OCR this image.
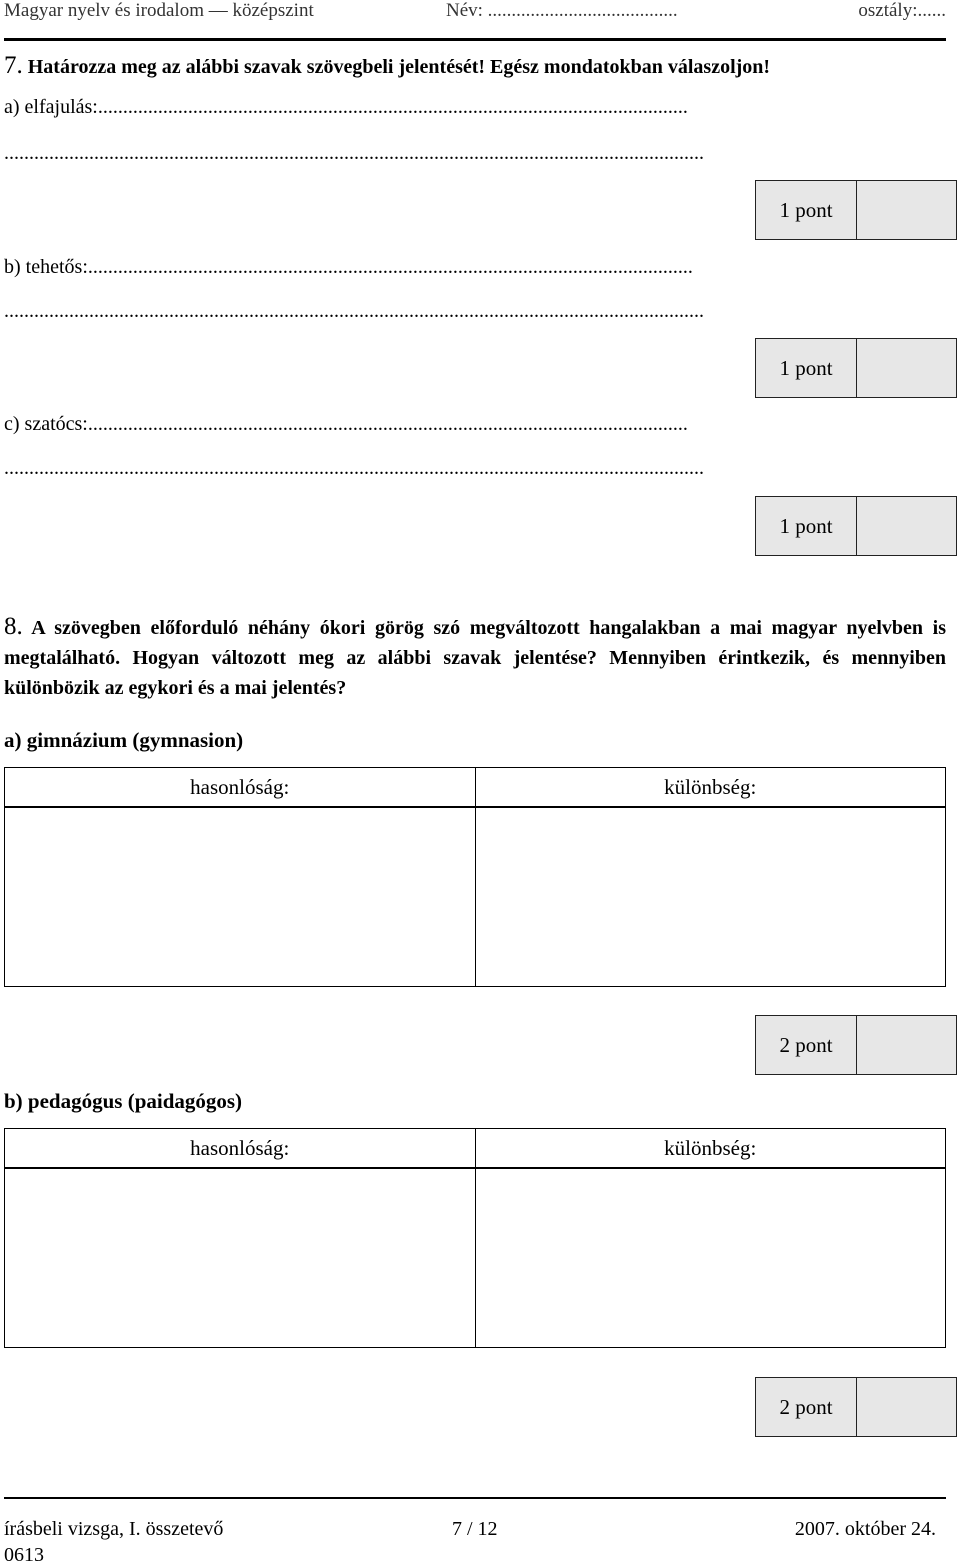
Magyar nyelv és irodalom — középszint	Név: ........................................	osztály:......
7. Határozza meg az alábbi szavak szövegbeli jelentését! Egész mondatokban válaszoljon!
a) elfajulás:......................................................................................................................
............................................................................................................................................
1 pont
b) tehetős:.........................................................................................................................
............................................................................................................................................
1 pont
c) szatócs:........................................................................................................................
............................................................................................................................................
1 pont
8. A szövegben előforduló néhány ókori görög szó megváltozott hangalakban a mai magyar nyelvben is megtalálható. Hogyan változott meg az alábbi szavak jelentése? Mennyiben érintkezik, és mennyiben különbözik az egykori és a mai jelentés?
a) gimnázium (gymnasion)
hasonlóság:	különbség:
2 pont
b) pedagógus (paidagógos)
hasonlóság:	különbség:
2 pont
írásbeli vizsga, I. összetevő	7 / 12	2007. október 24.
0613
